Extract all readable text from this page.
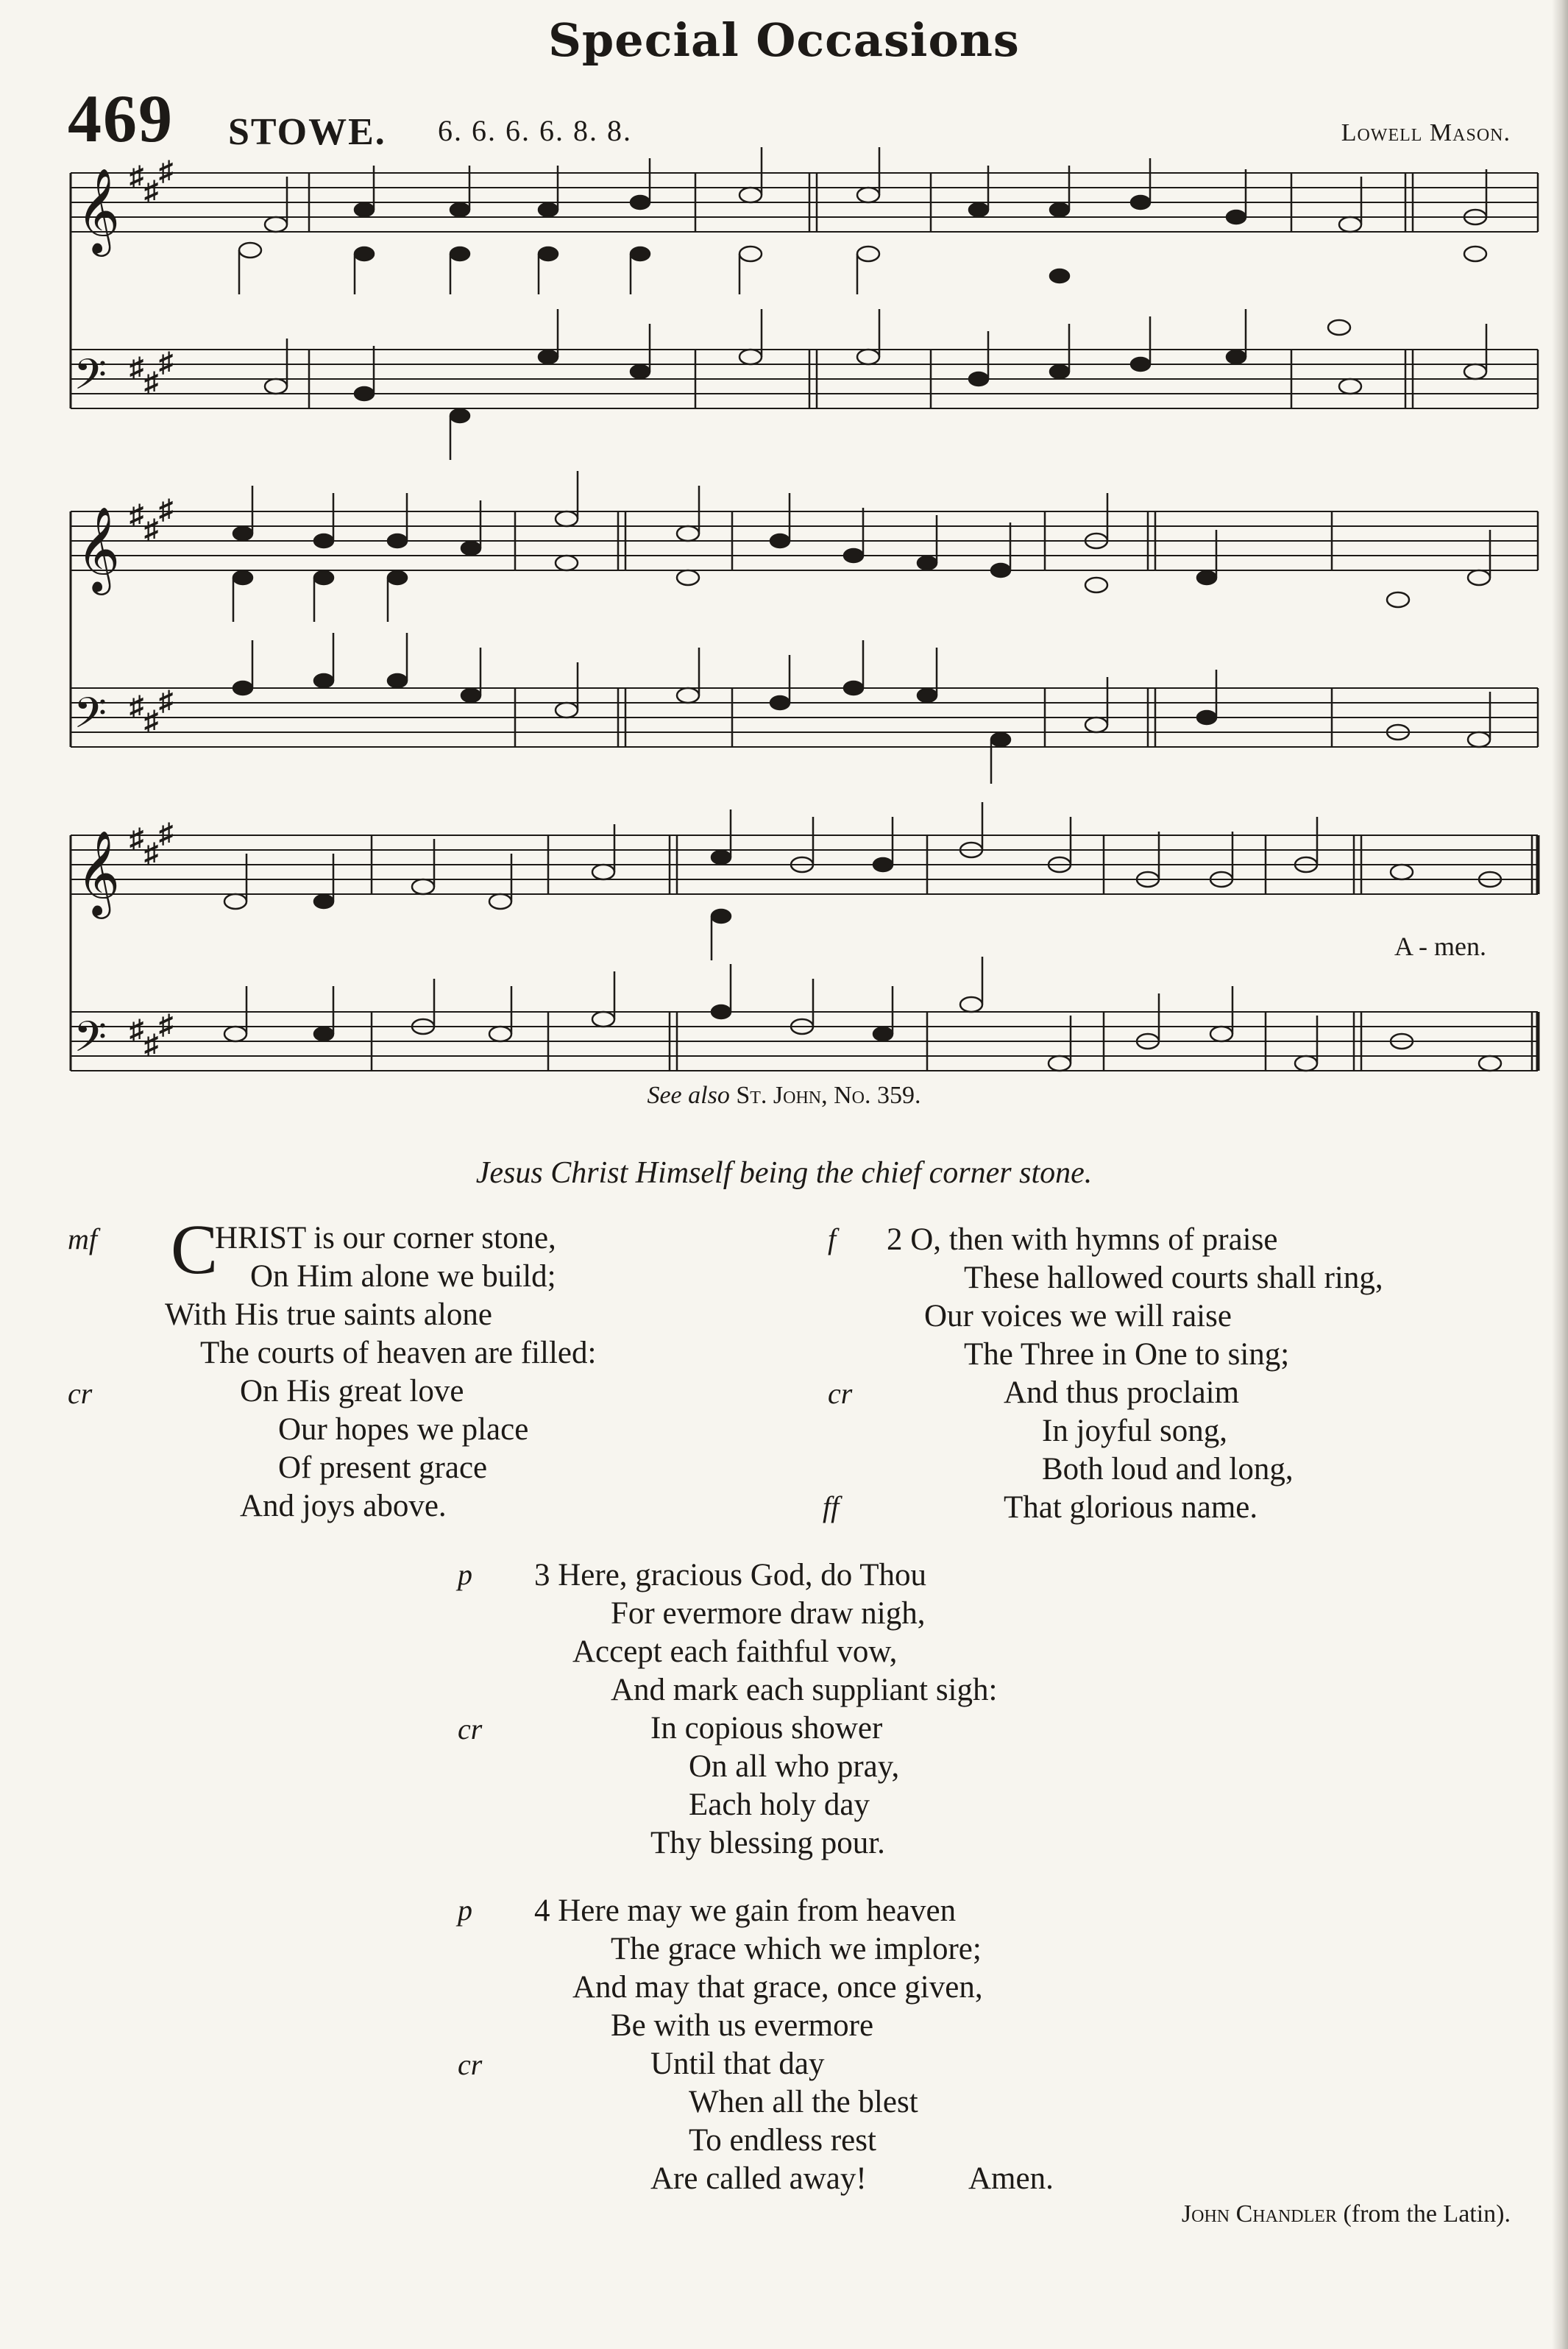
Special Occasions
469 STOWE. 6. 6. 6. 6. 8. 8.	Lowell Mason.
𝄞
𝄞
𝄞
𝄢
𝄢
𝄢
♯ ♯
♯
♯ ♯
♯
♯ ♯
♯
♯ ♯
♯
♯ ♯
♯
♯ ♯
♯
A - men.
See also St. John, No. 359.
Jesus Christ Himself being the chief corner stone.
mf
cr
C
HRIST is our corner stone,
On Him alone we build;
With His true saints alone
The courts of heaven are filled:
On His great love
Our hopes we place
Of present grace
And joys above.
f
cr
ff
2 O, then with hymns of praise
These hallowed courts shall ring,
Our voices we will raise
The Three in One to sing;
And thus proclaim
In joyful song,
Both loud and long,
That glorious name.
p
cr
3 Here, gracious God, do Thou
For evermore draw nigh,
Accept each faithful vow,
And mark each suppliant sigh:
In copious shower
On all who pray,
Each holy day
Thy blessing pour.
p
cr
4 Here may we gain from heaven
The grace which we implore;
And may that grace, once given,
Be with us evermore
Until that day
When all the blest
To endless rest
Are called away!	Amen.
John Chandler (from the Latin).
